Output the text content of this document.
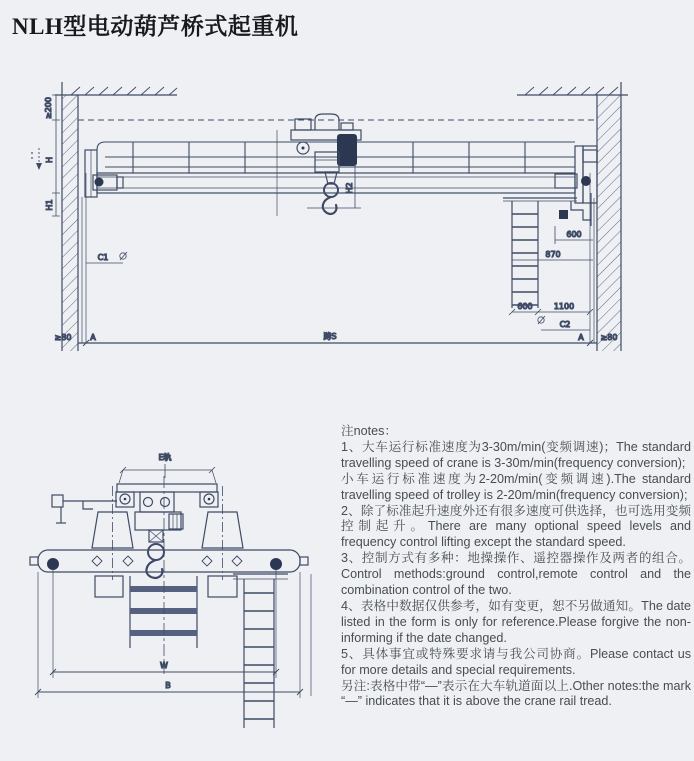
NLH型电动葫芦桥式起重机
≥200
H
H1
H2
600
870
600	1100
C2
C1
≥80 A	跨S	A ≥80
E轨
W
B

注notes：

1、大车运行标准速度为3-30m/min(变频调速)；The standard travelling speed of crane is 3-30m/min(frequency conversion);

小车运行标准速度为2-20m/min(变频调速).The standard travelling speed of trolley is 2-20m/min(frequency conversion);

2、除了标准起升速度外还有很多速度可供选择，也可选用变频控制起升。There are many optional speed levels and frequency control lifting except the standard speed.

3、控制方式有多种：地操操作、遥控器操作及两者的组合。Control methods:ground control,remote control and the combination control of the two.

4、表格中数据仅供参考，如有变更，恕不另做通知。The date listed in the form is only for reference.Please forgive the non-informing if the date changed.

5、具体事宜或特殊要求请与我公司协商。Please contact us for more details and special requirements.

另注:表格中带“—”表示在大车轨道面以上.Other notes:the mark “—” indicates that it is above the crane rail tread.
